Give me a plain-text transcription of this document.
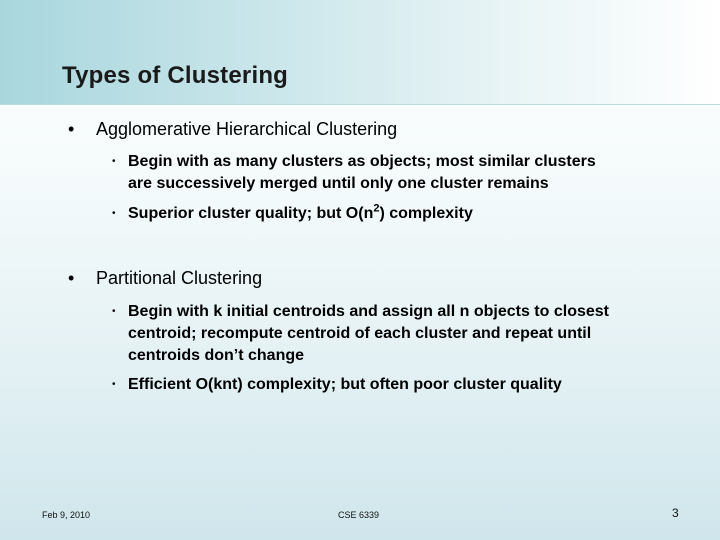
Types of Clustering
• Agglomerative Hierarchical Clustering
• Begin with as many clusters as objects; most similar clusters
are successively merged until only one cluster remains
• Superior cluster quality; but $O(n^2)$ complexity
• Partitional Clustering
• Begin with k initial centroids and assign all n objects to closest
centroid; recompute centroid of each cluster and repeat until
centroids don’t change
• Efficient O(knt) complexity; but often poor cluster quality
Feb 9, 2010	CSE 6339	3
